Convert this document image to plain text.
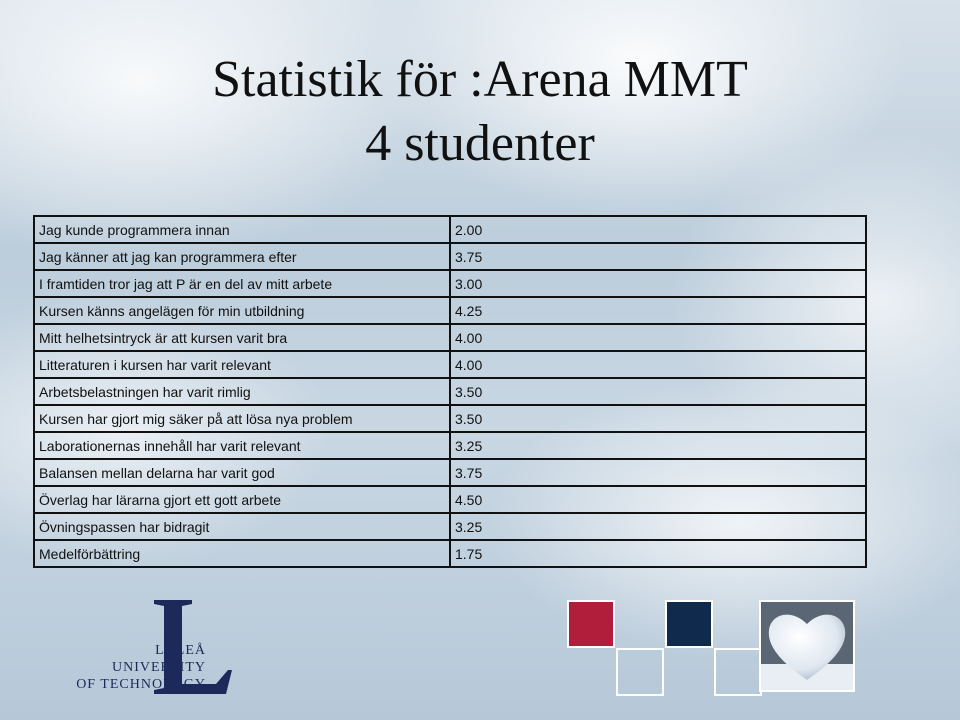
Statistik för :Arena MMT
4 studenter
Jag kunde programmera innan	2.00
Jag känner att jag kan programmera efter	3.75
I framtiden tror jag att P är en del av mitt arbete	3.00
Kursen känns angelägen för min utbildning	4.25
Mitt helhetsintryck är att kursen varit bra	4.00
Litteraturen i kursen har varit relevant	4.00
Arbetsbelastningen har varit rimlig	3.50
Kursen har gjort mig säker på att lösa nya problem	3.50
Laborationernas innehåll har varit relevant	3.25
Balansen mellan delarna har varit god	3.75
Överlag har lärarna gjort ett gott arbete	4.50
Övningspassen har bidragit	3.25
Medelförbättring	1.75
LULEÅ
UNIVERSITY
OF TECHNOLOGY
